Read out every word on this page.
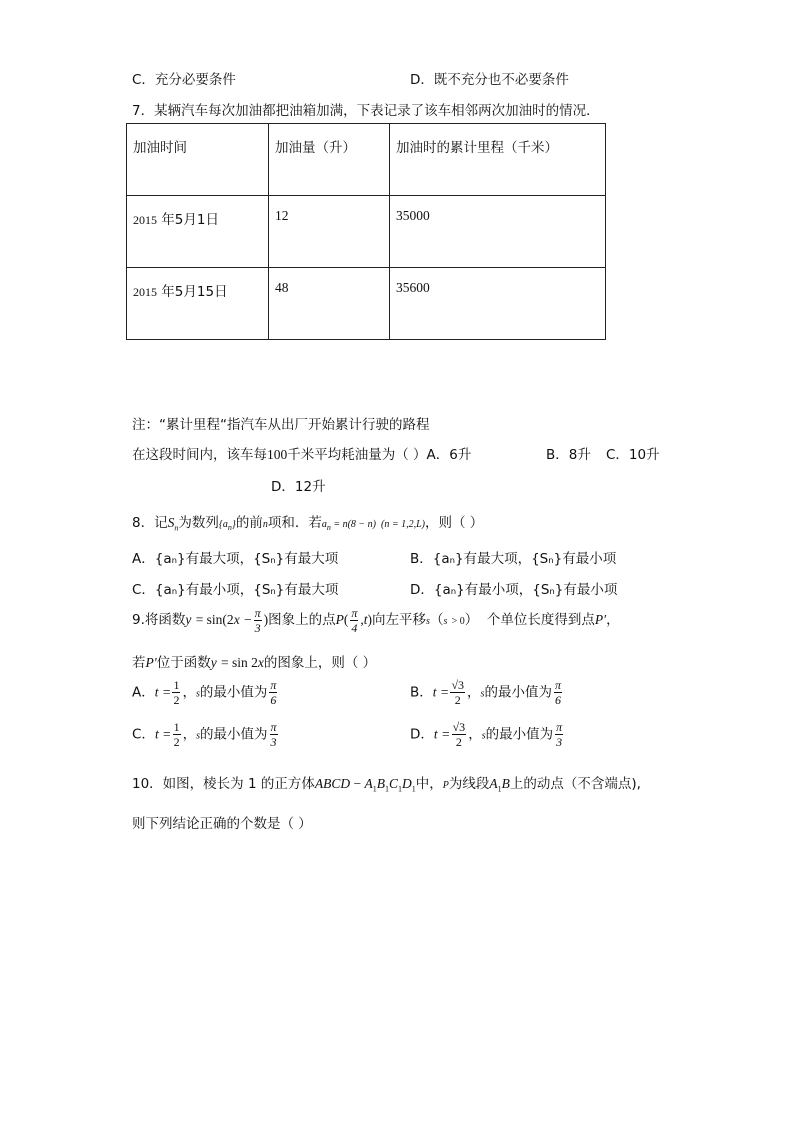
C．充分必要条件	D．既不充分也不必要条件
7．某辆汽车每次加油都把油箱加满，下表记录了该车相邻两次加油时的情况．
加油时间	加油量（升）	加油时的累计里程（千米）
2015 年5月1日	12	35000
2015 年5月15日	48	35600
注：“累计里程“指汽车从出厂开始累计行驶的路程
在这段时间内，该车每100千米平均耗油量为（ ）A．6升	B．8升 C．10升
D．12升
8．记$S_n$为数列$\{a_n\}$的前n项和．若$a_n = n(8 - n) (n = 1,2,L)$，则（ ）
A．{aₙ}有最大项，{Sₙ}有最大项	B．{aₙ}有最大项，{Sₙ}有最小项
C．{aₙ}有最小项，{Sₙ}有最大项	D．{aₙ}有最小项，{Sₙ}有最小项
9.将函数$y = \sin(2x - \frac{\pi}{3}$ )图象上的点$P( \frac{\pi}{4} ,t)$向左平移s（s > 0）  个单位长度得到点P′，
若P′位于函数y = sin 2x的图象上，则（ ）
A．$t = \frac{1}{2}$ ，s的最小值为 $\frac{\pi}{6}$	B．$t = \frac{√3}{2}$ ，s的最小值为 $\frac{\pi}{6}$
C．$t = \frac{1}{2}$ ，s的最小值为 $\frac{\pi}{3}$	D．$t = \frac{√3}{2}$ ，s的最小值为 $\frac{\pi}{3}$
10．如图，棱长为 1 的正方体ABCD − $A_1B_1C_1D_1$中，P为线段$A_1B$上的动点（不含端点),
则下列结论正确的个数是（ ）
